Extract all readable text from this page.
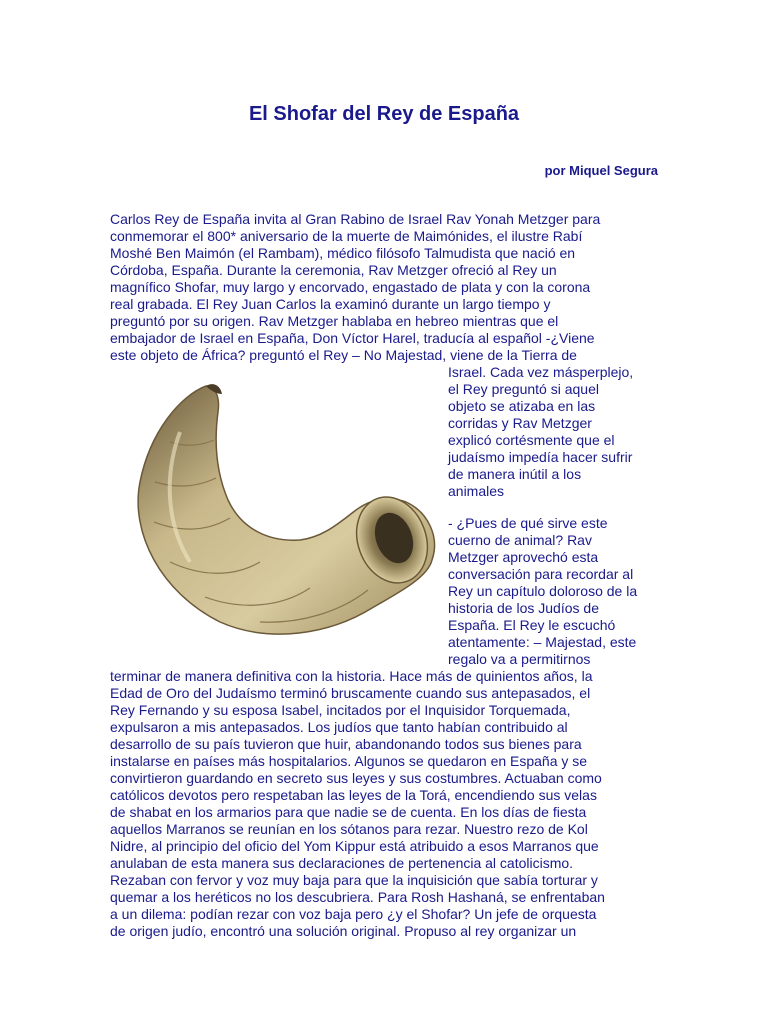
El Shofar del Rey de España
por Miquel Segura
Carlos Rey de España invita al Gran Rabino de Israel Rav Yonah Metzger para
conmemorar el 800* aniversario de la muerte de Maimónides, el ilustre Rabí
Moshé Ben Maimón (el Rambam), médico filósofo Talmudista que nació en
Córdoba, España. Durante la ceremonia, Rav Metzger ofreció al Rey un
magnífico Shofar, muy largo y encorvado, engastado de plata y con la corona
real grabada. El Rey Juan Carlos la examinó durante un largo tiempo y
preguntó por su origen. Rav Metzger hablaba en hebreo mientras que el
embajador de Israel en España, Don Víctor Harel, traducía al español -¿Viene
este objeto de África? preguntó el Rey – No Majestad, viene de la Tierra de
Israel. Cada vez másperplejo,
el Rey preguntó si aquel
objeto se atizaba en las
corridas y Rav Metzger
explicó cortésmente que el
judaísmo impedía hacer sufrir
de manera inútil a los
animales
- ¿Pues de qué sirve este
cuerno de animal? Rav
Metzger aprovechó esta
conversación para recordar al
Rey un capítulo doloroso de la
historia de los Judíos de
España. El Rey le escuchó
atentamente: – Majestad, este
regalo va a permitirnos
terminar de manera definitiva con la historia. Hace más de quinientos años, la
Edad de Oro del Judaísmo terminó bruscamente cuando sus antepasados, el
Rey Fernando y su esposa Isabel, incitados por el Inquisidor Torquemada,
expulsaron a mis antepasados. Los judíos que tanto habían contribuido al
desarrollo de su país tuvieron que huir, abandonando todos sus bienes para
instalarse en países más hospitalarios. Algunos se quedaron en España y se
convirtieron guardando en secreto sus leyes y sus costumbres. Actuaban como
católicos devotos pero respetaban las leyes de la Torá, encendiendo sus velas
de shabat en los armarios para que nadie se de cuenta. En los días de fiesta
aquellos Marranos se reunían en los sótanos para rezar. Nuestro rezo de Kol
Nidre, al principio del oficio del Yom Kippur está atribuido a esos Marranos que
anulaban de esta manera sus declaraciones de pertenencia al catolicismo.
Rezaban con fervor y voz muy baja para que la inquisición que sabía torturar y
quemar a los heréticos no los descubriera. Para Rosh Hashaná, se enfrentaban
a un dilema: podían rezar con voz baja pero ¿y el Shofar? Un jefe de orquesta
de origen judío, encontró una solución original. Propuso al rey organizar un
